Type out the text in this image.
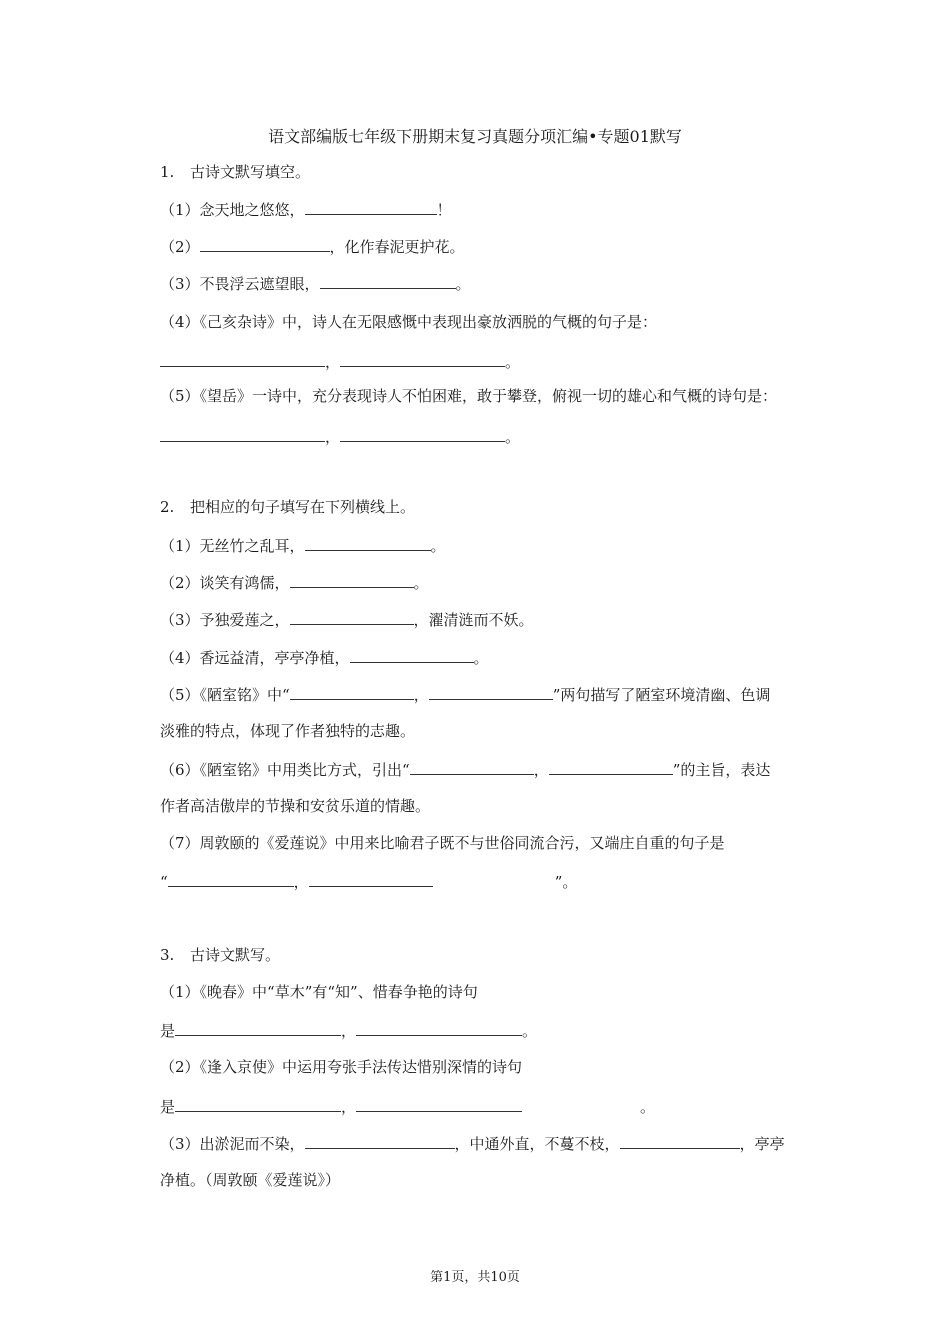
语文部编版七年级下册期末复习真题分项汇编•专题01默写
1. 古诗文默写填空。
（1）念天地之悠悠，	！
（2）	，化作春泥更护花。
（3）不畏浮云遮望眼，	。
（4）《己亥杂诗》中，诗人在无限感慨中表现出豪放洒脱的气概的句子是：
，	。
（5）《望岳》一诗中，充分表现诗人不怕困难，敢于攀登，俯视一切的雄心和气概的诗句是：
，	。
2. 把相应的句子填写在下列横线上。
（1）无丝竹之乱耳，	。
（2）谈笑有鸿儒，	。
（3）予独爱莲之，	，濯清涟而不妖。
（4）香远益清，亭亭净植，	。
（5）《陋室铭》中“	，	”两句描写了陋室环境清幽、色调
淡雅的特点，体现了作者独特的志趣。
（6）《陋室铭》中用类比方式，引出“	，	”的主旨，表达
作者高洁傲岸的节操和安贫乐道的情趣。
（7）周敦颐的《爱莲说》中用来比喻君子既不与世俗同流合污，又端庄自重的句子是
“	，	”。
3. 古诗文默写。
（1）《晚春》中“草木”有“知”、惜春争艳的诗句
是	，	。
（2）《逢入京使》中运用夸张手法传达惜别深情的诗句
是	，	。
（3）出淤泥而不染，	，中通外直，不蔓不枝，	，亭亭
净植。（周敦颐《爱莲说》）
第1页，共10页
